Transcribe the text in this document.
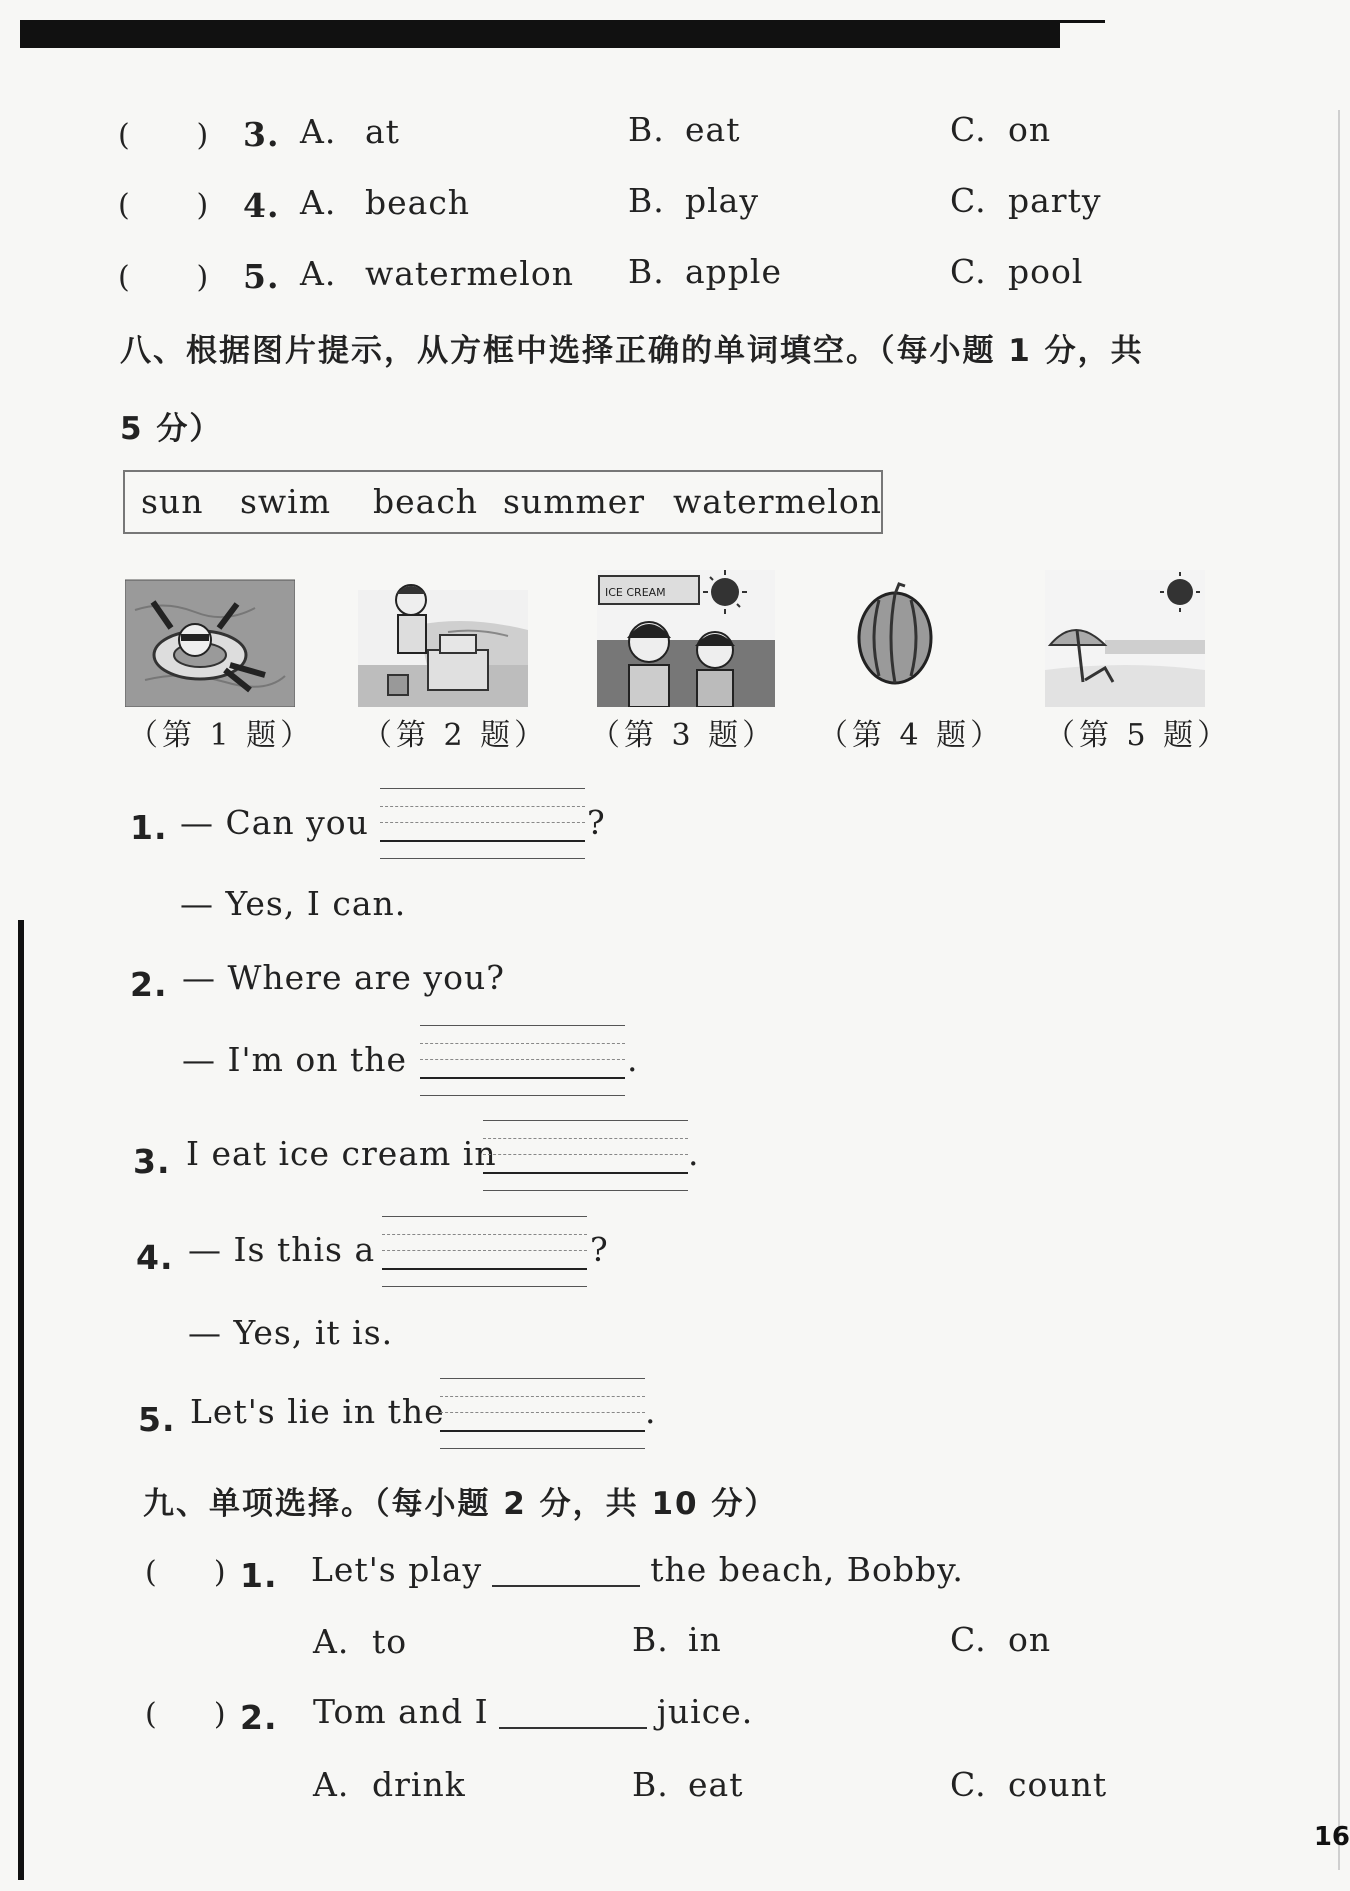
16
(       ) 3. A. at	B. eat	C. on
(       ) 4. A. beach	B. play	C. party
(       ) 5. A. watermelon B. apple	C. pool
八、根据图片提示，从方框中选择正确的单词填空。（每小题 1 分，共
5 分）
sun swim beach summer watermelon
ICE CREAM
（第 1 题） （第 2 题） （第 3 题） （第 4 题） （第 5 题）
1. — Can you	?
— Yes, I can.
2. — Where are you?
— I'm on the	.
3. I eat ice cream in	.
4. — Is this a	?
— Yes, it is.
5. Let's lie in the	.
九、单项选择。（每小题 2 分，共 10 分）
(      ) 1. Let's play	the beach, Bobby.
A. to	B. in	C. on
(      ) 2. Tom and I	juice.
A. drink	B. eat	C. count
